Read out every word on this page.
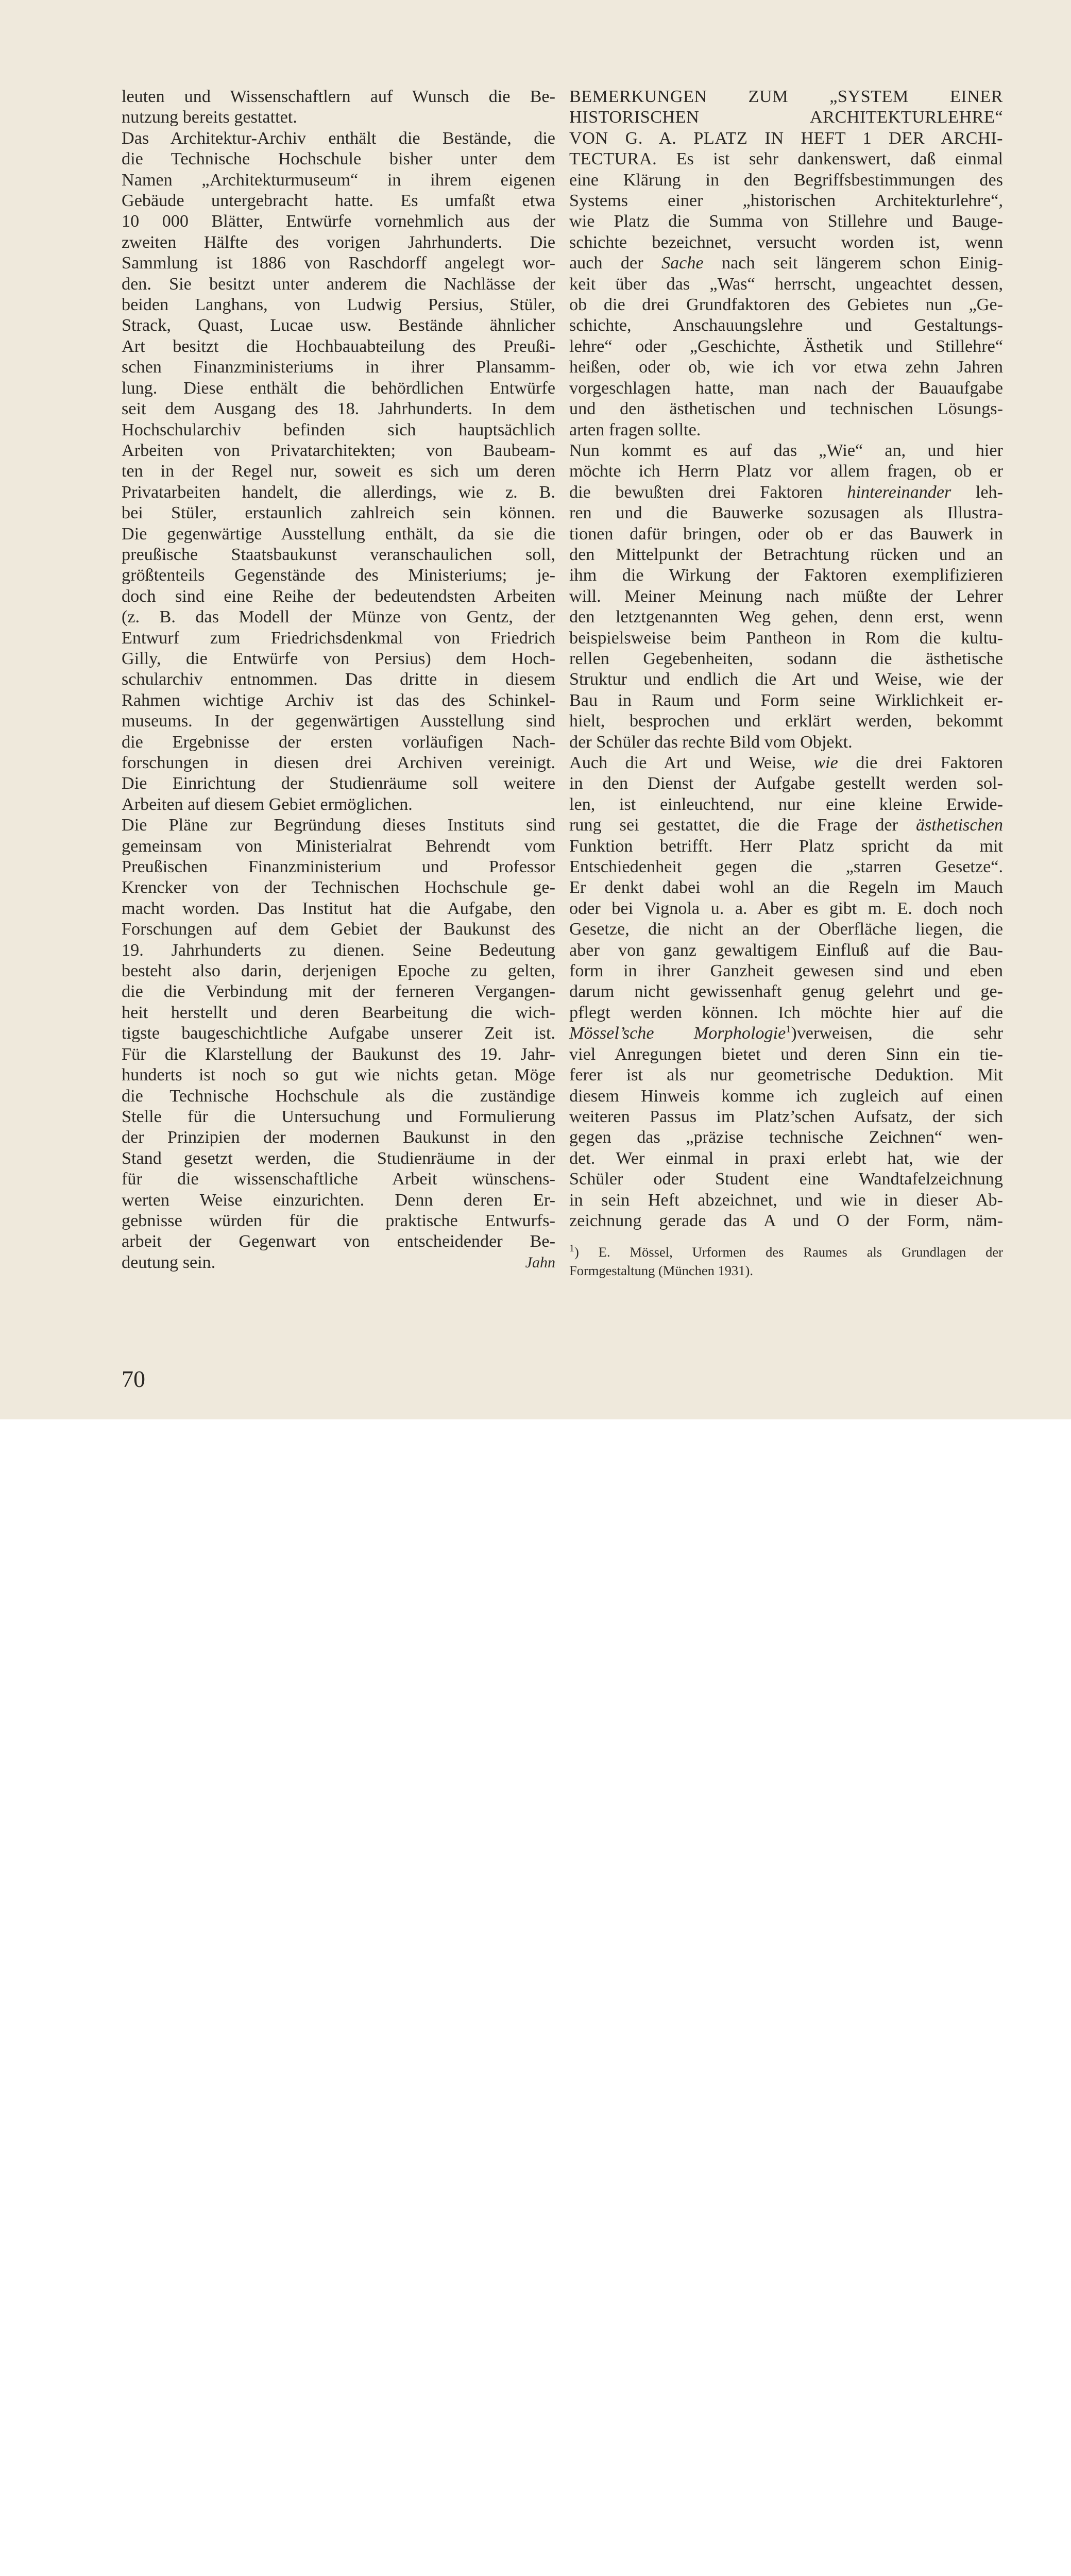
leuten und Wissenschaftlern auf Wunsch die Be-

nutzung bereits gestattet.

Das Architektur-Archiv enthält die Bestände, die

die Technische Hochschule bisher unter dem

Namen „Architekturmuseum“ in ihrem eigenen

Gebäude untergebracht hatte. Es umfaßt etwa

10 000 Blätter, Entwürfe vornehmlich aus der

zweiten Hälfte des vorigen Jahrhunderts. Die

Sammlung ist 1886 von Raschdorff angelegt wor-

den. Sie besitzt unter anderem die Nachlässe der

beiden Langhans, von Ludwig Persius, Stüler,

Strack, Quast, Lucae usw. Bestände ähnlicher

Art besitzt die Hochbauabteilung des Preußi-

schen Finanzministeriums in ihrer Plansamm-

lung. Diese enthält die behördlichen Entwürfe

seit dem Ausgang des 18. Jahrhunderts. In dem

Hochschularchiv befinden sich hauptsächlich

Arbeiten von Privatarchitekten; von Baubeam-

ten in der Regel nur, soweit es sich um deren

Privatarbeiten handelt, die allerdings, wie z. B.

bei Stüler, erstaunlich zahlreich sein können.

Die gegenwärtige Ausstellung enthält, da sie die

preußische Staatsbaukunst veranschaulichen soll,

größtenteils Gegenstände des Ministeriums; je-

doch sind eine Reihe der bedeutendsten Arbeiten

(z. B. das Modell der Münze von Gentz, der

Entwurf zum Friedrichsdenkmal von Friedrich

Gilly, die Entwürfe von Persius) dem Hoch-

schularchiv entnommen. Das dritte in diesem

Rahmen wichtige Archiv ist das des Schinkel-

museums. In der gegenwärtigen Ausstellung sind

die Ergebnisse der ersten vorläufigen Nach-

forschungen in diesen drei Archiven vereinigt.

Die Einrichtung der Studienräume soll weitere

Arbeiten auf diesem Gebiet ermöglichen.

Die Pläne zur Begründung dieses Instituts sind

gemeinsam von Ministerialrat Behrendt vom

Preußischen Finanzministerium und Professor

Krencker von der Technischen Hochschule ge-

macht worden. Das Institut hat die Aufgabe, den

Forschungen auf dem Gebiet der Baukunst des

19. Jahrhunderts zu dienen. Seine Bedeutung

besteht also darin, derjenigen Epoche zu gelten,

die die Verbindung mit der ferneren Vergangen-

heit herstellt und deren Bearbeitung die wich-

tigste baugeschichtliche Aufgabe unserer Zeit ist.

Für die Klarstellung der Baukunst des 19. Jahr-

hunderts ist noch so gut wie nichts getan. Möge

die Technische Hochschule als die zuständige

Stelle für die Untersuchung und Formulierung

der Prinzipien der modernen Baukunst in den

Stand gesetzt werden, die Studienräume in der

für die wissenschaftliche Arbeit wünschens-

werten Weise einzurichten. Denn deren Er-

gebnisse würden für die praktische Entwurfs-

arbeit der Gegenwart von entscheidender Be-

deutung sein.	Jahn

BEMERKUNGEN ZUM „SYSTEM EINER

HISTORISCHEN ARCHITEKTURLEHRE“

VON G. A. PLATZ IN HEFT 1 DER ARCHI-

TECTURA. Es ist sehr dankenswert, daß einmal

eine Klärung in den Begriffsbestimmungen des

Systems einer „historischen Architekturlehre“,

wie Platz die Summa von Stillehre und Bauge-

schichte bezeichnet, versucht worden ist, wenn

auch der Sache nach seit längerem schon Einig-

keit über das „Was“ herrscht, ungeachtet dessen,

ob die drei Grundfaktoren des Gebietes nun „Ge-

schichte, Anschauungslehre und Gestaltungs-

lehre“ oder „Geschichte, Ästhetik und Stillehre“

heißen, oder ob, wie ich vor etwa zehn Jahren

vorgeschlagen hatte, man nach der Bauaufgabe

und den ästhetischen und technischen Lösungs-

arten fragen sollte.

Nun kommt es auf das „Wie“ an, und hier

möchte ich Herrn Platz vor allem fragen, ob er

die bewußten drei Faktoren hintereinander leh-

ren und die Bauwerke sozusagen als Illustra-

tionen dafür bringen, oder ob er das Bauwerk in

den Mittelpunkt der Betrachtung rücken und an

ihm die Wirkung der Faktoren exemplifizieren

will. Meiner Meinung nach müßte der Lehrer

den letztgenannten Weg gehen, denn erst, wenn

beispielsweise beim Pantheon in Rom die kultu-

rellen Gegebenheiten, sodann die ästhetische

Struktur und endlich die Art und Weise, wie der

Bau in Raum und Form seine Wirklichkeit er-

hielt, besprochen und erklärt werden, bekommt

der Schüler das rechte Bild vom Objekt.

Auch die Art und Weise, wie die drei Faktoren

in den Dienst der Aufgabe gestellt werden sol-

len, ist einleuchtend, nur eine kleine Erwide-

rung sei gestattet, die die Frage der ästhetischen

Funktion betrifft. Herr Platz spricht da mit

Entschiedenheit gegen die „starren Gesetze“.

Er denkt dabei wohl an die Regeln im Mauch

oder bei Vignola u. a. Aber es gibt m. E. doch noch

Gesetze, die nicht an der Oberfläche liegen, die

aber von ganz gewaltigem Einfluß auf die Bau-

form in ihrer Ganzheit gewesen sind und eben

darum nicht gewissenhaft genug gelehrt und ge-

pflegt werden können. Ich möchte hier auf die

Mössel’sche Morphologie$^1$)verweisen, die sehr

viel Anregungen bietet und deren Sinn ein tie-

ferer ist als nur geometrische Deduktion. Mit

diesem Hinweis komme ich zugleich auf einen

weiteren Passus im Platz’schen Aufsatz, der sich

gegen das „präzise technische Zeichnen“ wen-

det. Wer einmal in praxi erlebt hat, wie der

Schüler oder Student eine Wandtafelzeichnung

in sein Heft abzeichnet, und wie in dieser Ab-

zeichnung gerade das A und O der Form, näm-

$^1$) E. Mössel, Urformen des Raumes als Grundlagen der
Formgestaltung (München 1931).
70
